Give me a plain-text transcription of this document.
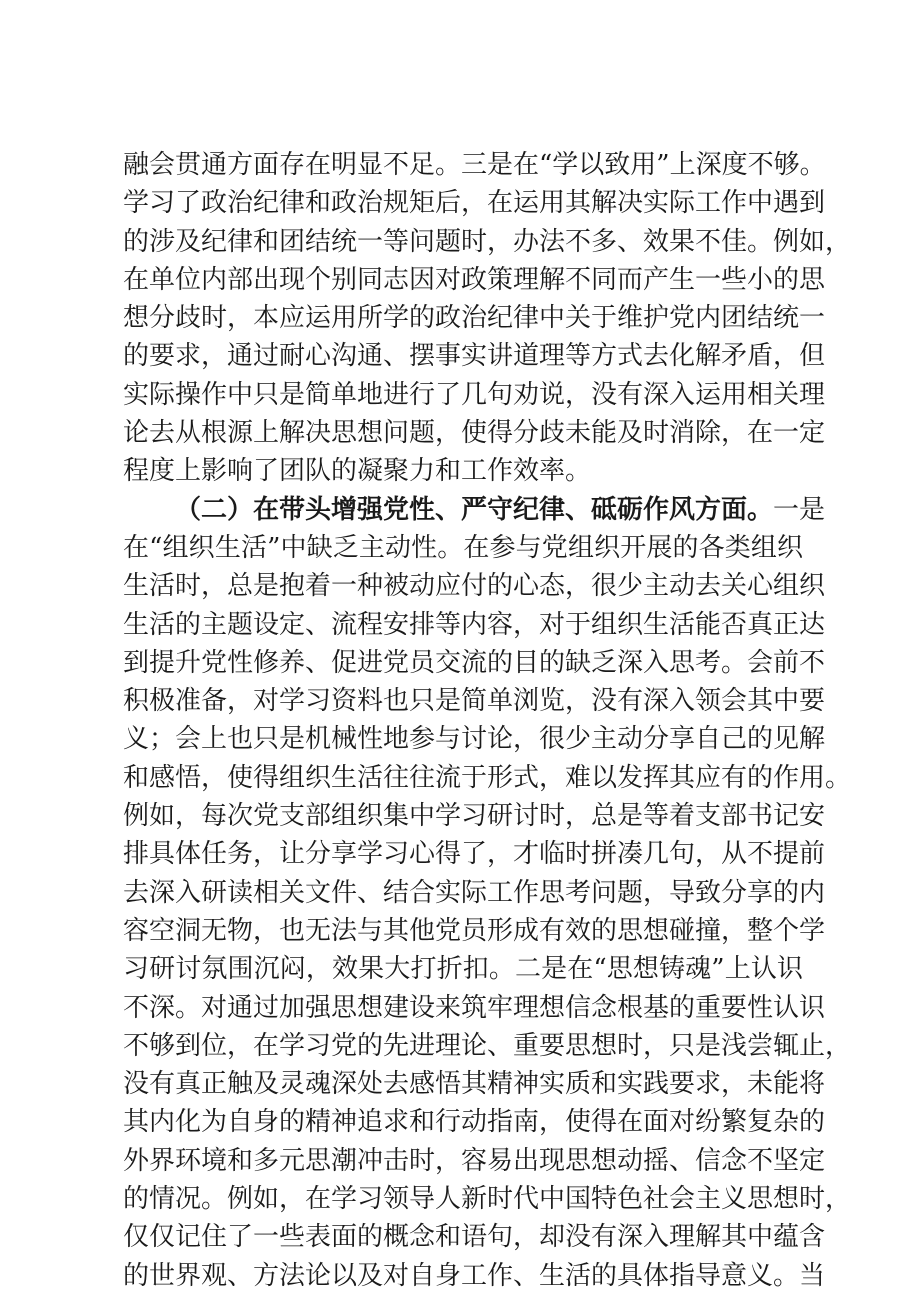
融会贯通方面存在明显不足。三是在“学以致用”上深度不够。
学习了政治纪律和政治规矩后，在运用其解决实际工作中遇到
的涉及纪律和团结统一等问题时，办法不多、效果不佳。例如，
在单位内部出现个别同志因对政策理解不同而产生一些小的思
想分歧时，本应运用所学的政治纪律中关于维护党内团结统一
的要求，通过耐心沟通、摆事实讲道理等方式去化解矛盾，但
实际操作中只是简单地进行了几句劝说，没有深入运用相关理
论去从根源上解决思想问题，使得分歧未能及时消除，在一定
程度上影响了团队的凝聚力和工作效率。
（二）在带头增强党性、严守纪律、砥砺作风方面。一是
在“组织生活”中缺乏主动性。在参与党组织开展的各类组织
生活时，总是抱着一种被动应付的心态，很少主动去关心组织
生活的主题设定、流程安排等内容，对于组织生活能否真正达
到提升党性修养、促进党员交流的目的缺乏深入思考。会前不
积极准备，对学习资料也只是简单浏览，没有深入领会其中要
义；会上也只是机械性地参与讨论，很少主动分享自己的见解
和感悟，使得组织生活往往流于形式，难以发挥其应有的作用。
例如，每次党支部组织集中学习研讨时，总是等着支部书记安
排具体任务，让分享学习心得了，才临时拼凑几句，从不提前
去深入研读相关文件、结合实际工作思考问题，导致分享的内
容空洞无物，也无法与其他党员形成有效的思想碰撞，整个学
习研讨氛围沉闷，效果大打折扣。二是在“思想铸魂”上认识
不深。对通过加强思想建设来筑牢理想信念根基的重要性认识
不够到位，在学习党的先进理论、重要思想时，只是浅尝辄止，
没有真正触及灵魂深处去感悟其精神实质和实践要求，未能将
其内化为自身的精神追求和行动指南，使得在面对纷繁复杂的
外界环境和多元思潮冲击时，容易出现思想动摇、信念不坚定
的情况。例如，在学习领导人新时代中国特色社会主义思想时，
仅仅记住了一些表面的概念和语句，却没有深入理解其中蕴含
的世界观、方法论以及对自身工作、生活的具体指导意义。当
